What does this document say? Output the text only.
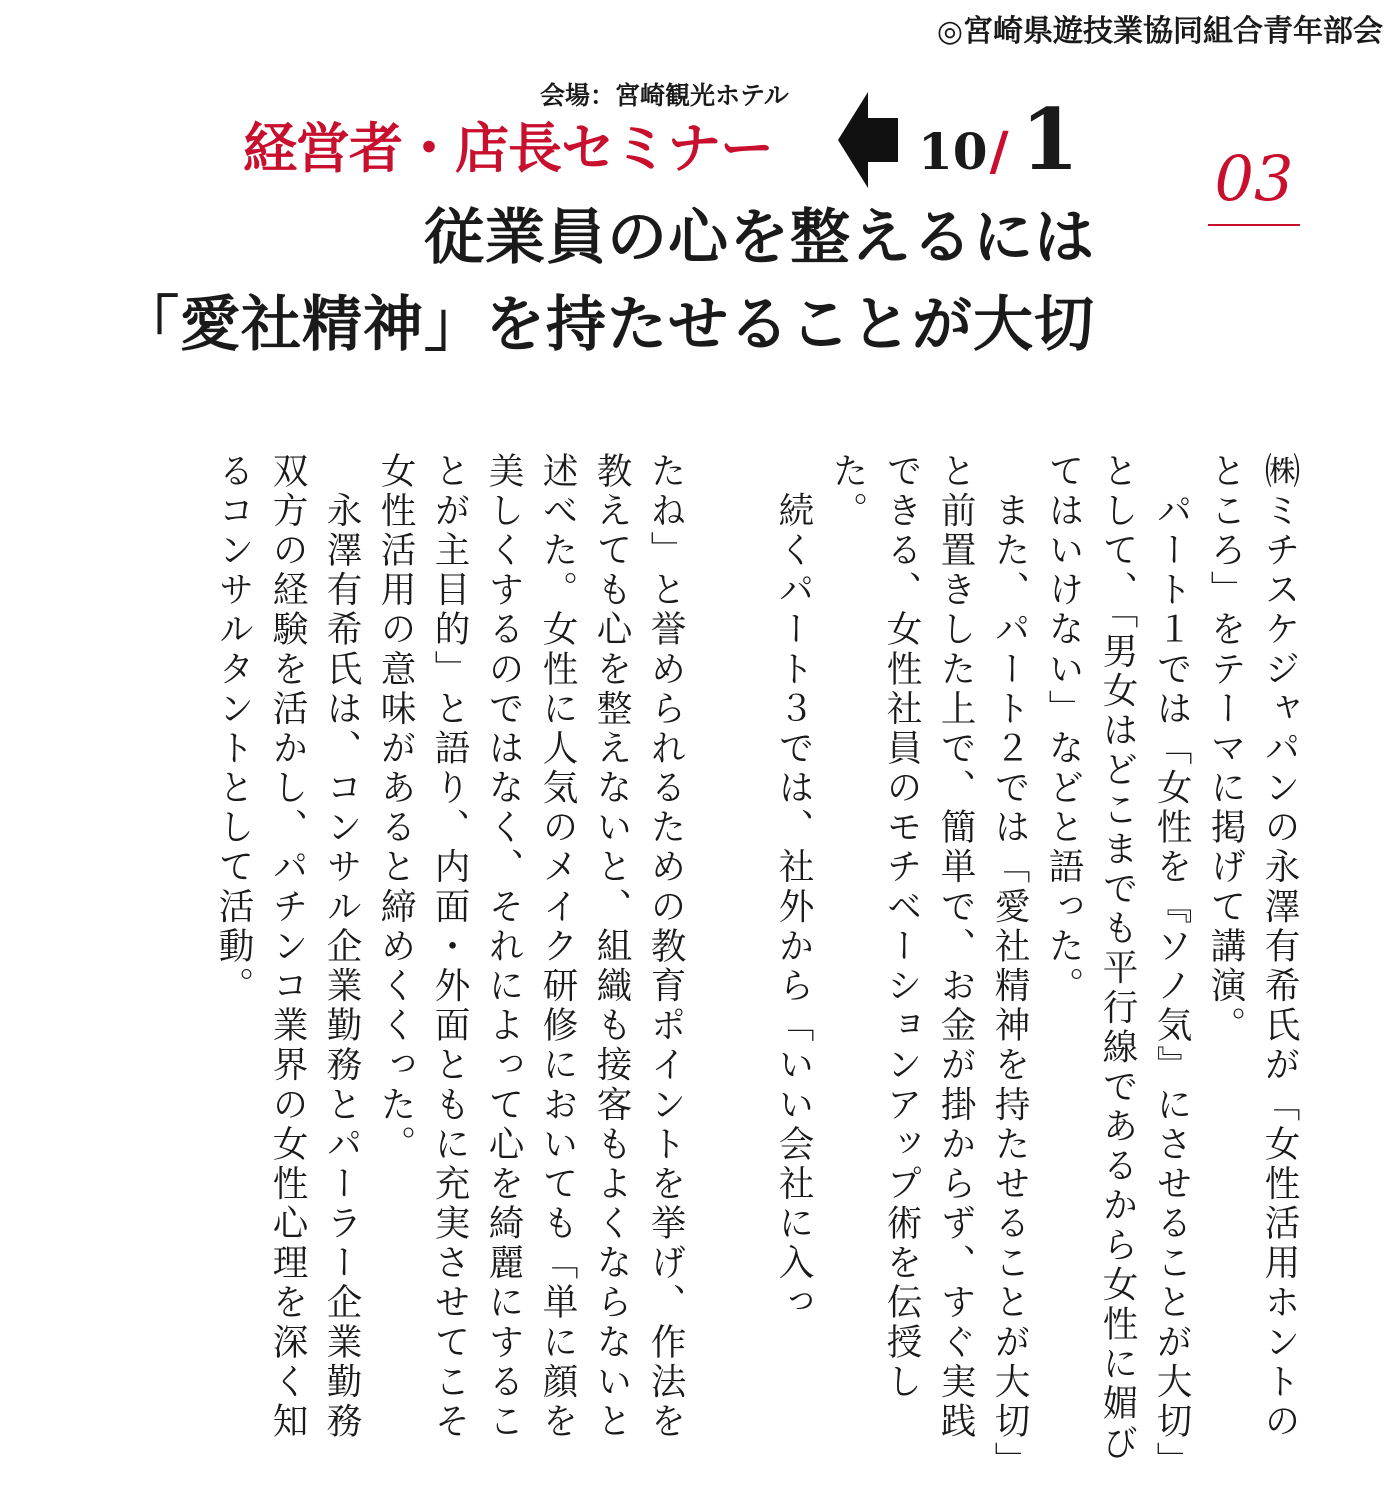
◎宮崎県遊技業協同組合青年部会
会場：宮崎観光ホテル
経営者・店長セミナー	10/ 1 03
従業員の心を整えるには
「愛社精神」を持たせることが大切

㈱ミチスケジャパンの永澤有希氏が「女性活用ホントのところ」をテーマに掲げて講演。

　パート１では「女性を『ソノ気』にさせることが大切」として、「男女はどこまでも平行線であるから女性に媚びてはいけない」などと語った。

　また、パート２では「愛社精神を持たせることが大切」と前置きした上で、簡単で、お金が掛からず、すぐ実践できる、女性社員のモチベーションアップ術を伝授した。

　続くパート３では、社外から「いい会社に入っ

たね」と誉められるための教育ポイントを挙げ、作法を教えても心を整えないと、組織も接客もよくならないと述べた。女性に人気のメイク研修においても「単に顔を美しくするのではなく、それによって心を綺麗にすることが主目的」と語り、内面・外面ともに充実させてこそ女性活用の意味があると締めくくった。

　永澤有希氏は、コンサル企業勤務とパーラー企業勤務双方の経験を活かし、パチンコ業界の女性心理を深く知るコンサルタントとして活動。
